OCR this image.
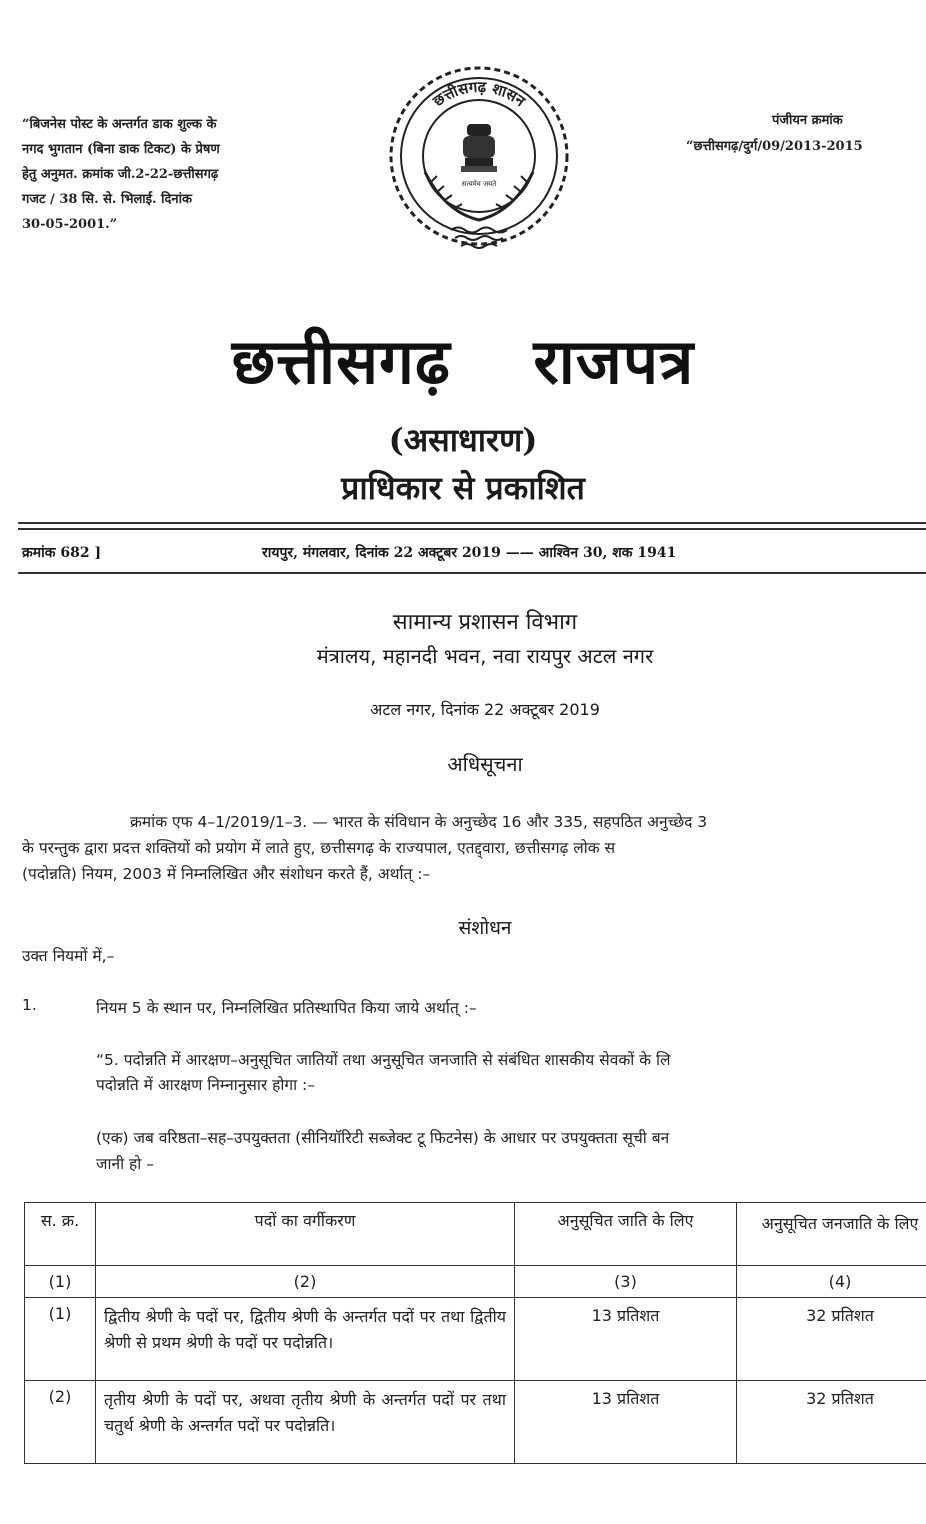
“बिजनेस पोस्ट के अन्तर्गत डाक शुल्क के
नगद भुगतान (बिना डाक टिकट) के प्रेषण
हेतु अनुमत. क्रमांक जी.2-22-छत्तीसगढ़
गजट / 38 सि. से. भिलाई. दिनांक
30-05-2001.”
पंजीयन क्रमांक
“छत्तीसगढ़/दुर्ग/09/2013-2015
छत्तीसगढ़ शासन
सत्यमेव जयते
छत्तीसगढ़ राजपत्र
(असाधारण)
प्राधिकार से प्रकाशित
क्रमांक 682 ]	रायपुर, मंगलवार, दिनांक 22 अक्टूबर 2019 —— आश्विन 30, शक 1941
सामान्य प्रशासन विभाग
मंत्रालय, महानदी भवन, नवा रायपुर अटल नगर
अटल नगर, दिनांक 22 अक्टूबर 2019
अधिसूचना
क्रमांक एफ 4–1/2019/1–3. — भारत के संविधान के अनुच्छेद 16 और 335, सहपठित अनुच्छेद 3
के परन्तुक द्वारा प्रदत्त शक्तियों को प्रयोग में लाते हुए, छत्तीसगढ़ के राज्यपाल, एतद्द्वारा, छत्तीसगढ़ लोक स
(पदोन्नति) नियम, 2003 में निम्नलिखित और संशोधन करते हैं, अर्थात् :–
संशोधन
उक्त नियमों में,–
1.	नियम 5 के स्थान पर, निम्नलिखित प्रतिस्थापित किया जाये अर्थात् :–
“5. पदोन्नति में आरक्षण–अनुसूचित जातियों तथा अनुसूचित जनजाति से संबंधित शासकीय सेवकों के लि
पदोन्नति में आरक्षण निम्नानुसार होगा :–
(एक) जब वरिष्ठता–सह–उपयुक्तता (सीनियॉरिटी सब्जेक्ट टू फिटनेस) के आधार पर उपयुक्तता सूची बन
जानी हो –
स. क्र.	पदों का वर्गीकरण	अनुसूचित जाति के लिए	अनुसूचित जनजाति के लिए
(1)	(2)	(3)	(4)
(1)	द्वितीय श्रेणी के पदों पर, द्वितीय श्रेणी के अन्तर्गत पदों पर तथा द्वितीय श्रेणी से प्रथम श्रेणी के पदों पर पदोन्नति।	13 प्रतिशत	32 प्रतिशत
(2)	तृतीय श्रेणी के पदों पर, अथवा तृतीय श्रेणी के अन्तर्गत पदों पर तथा चतुर्थ श्रेणी के अन्तर्गत पदों पर पदोन्नति।	13 प्रतिशत	32 प्रतिशत
